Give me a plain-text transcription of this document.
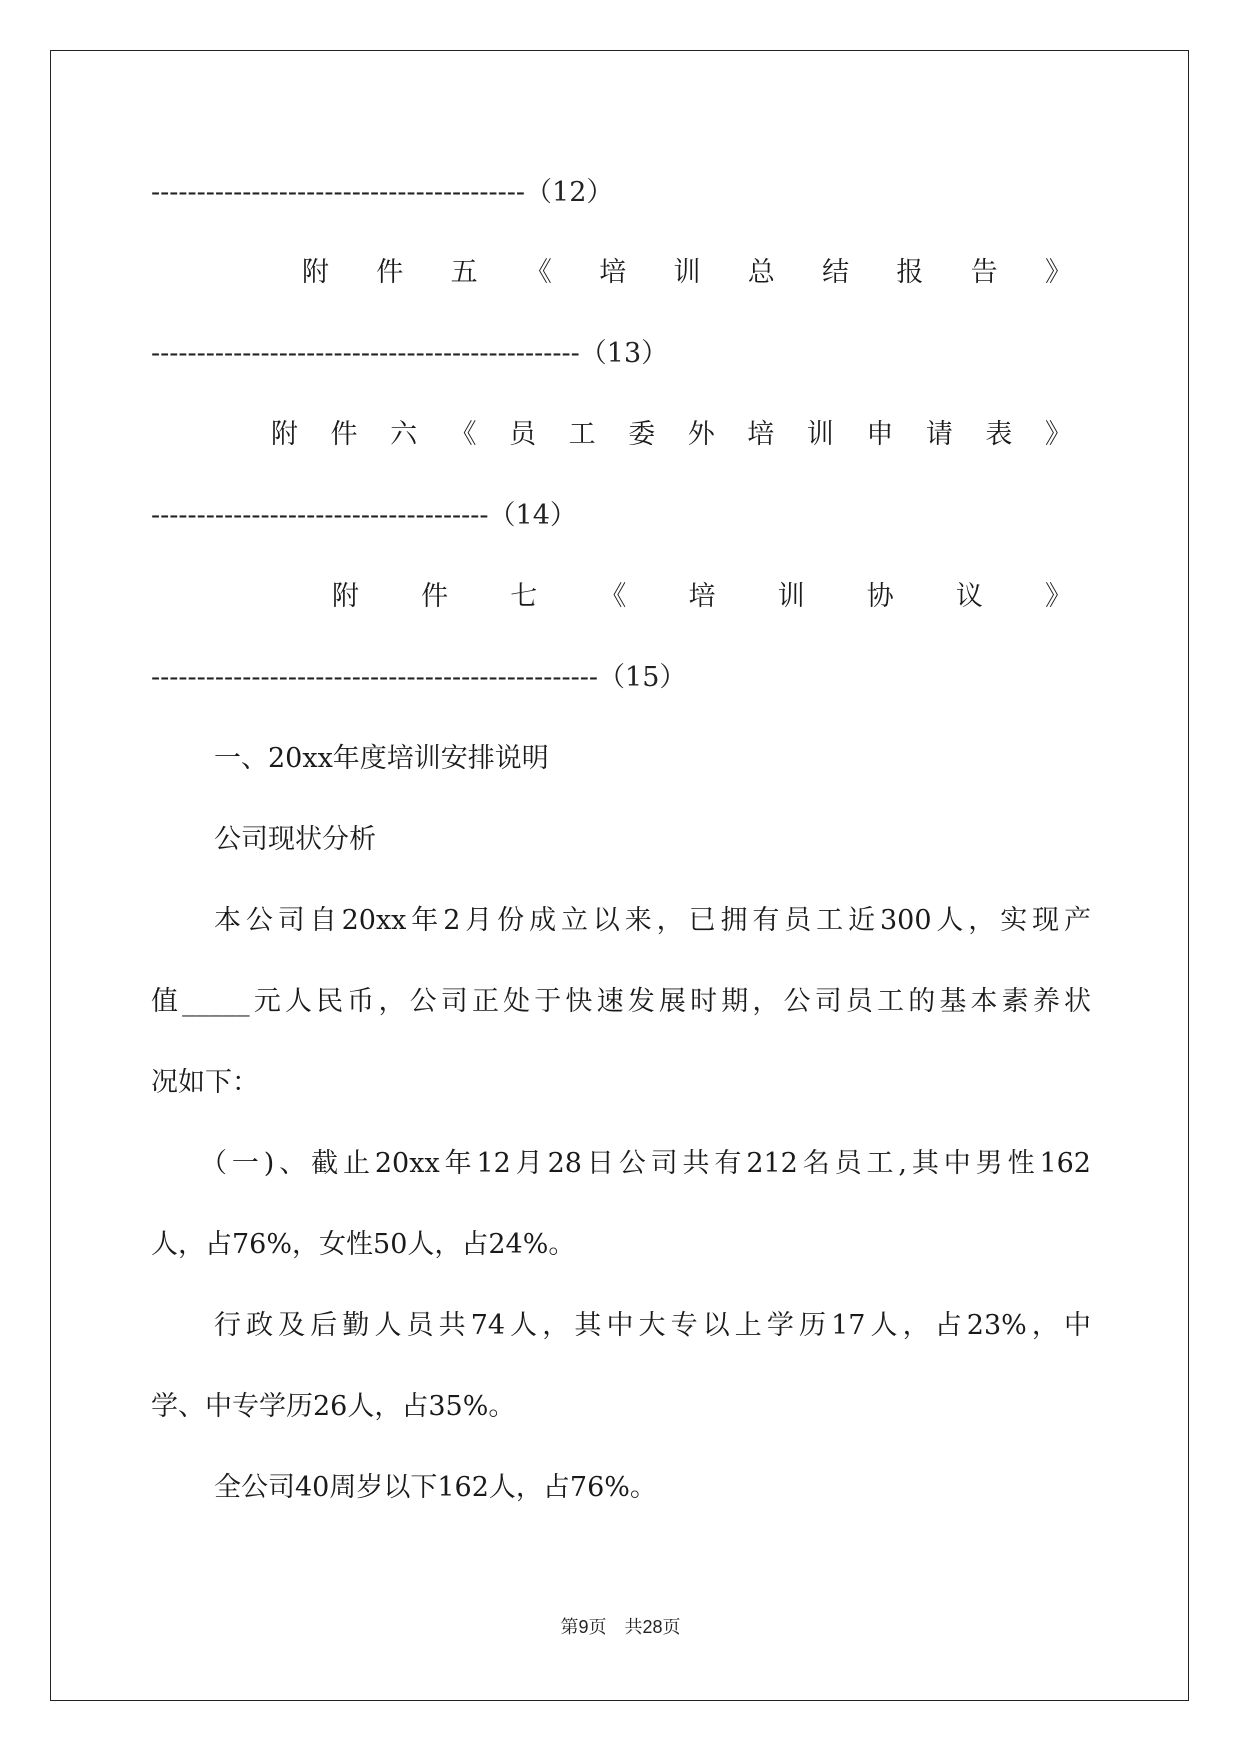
-----------------------------------------（12）
附 件 五 《 培 训 总 结 报 告 》
-----------------------------------------------（13）
附 件 六 《 员 工 委 外 培 训 申 请 表 》
-------------------------------------（14）
附 件 七 《 培 训 协 议 》
-------------------------------------------------（15）
一、20xx年度培训安排说明
公司现状分析
本公司自20xx年2月份成立以来，已拥有员工近300人，实现产
值_____元人民币，公司正处于快速发展时期，公司员工的基本素养状
况如下：
（一)、截止20xx年12月28日公司共有212名员工,其中男性162
人，占76%，女性50人，占24%。
行政及后勤人员共74人，其中大专以上学历17人，占23%，中
学、中专学历26人，占35%。
全公司40周岁以下162人，占76%。
第9页　共28页
